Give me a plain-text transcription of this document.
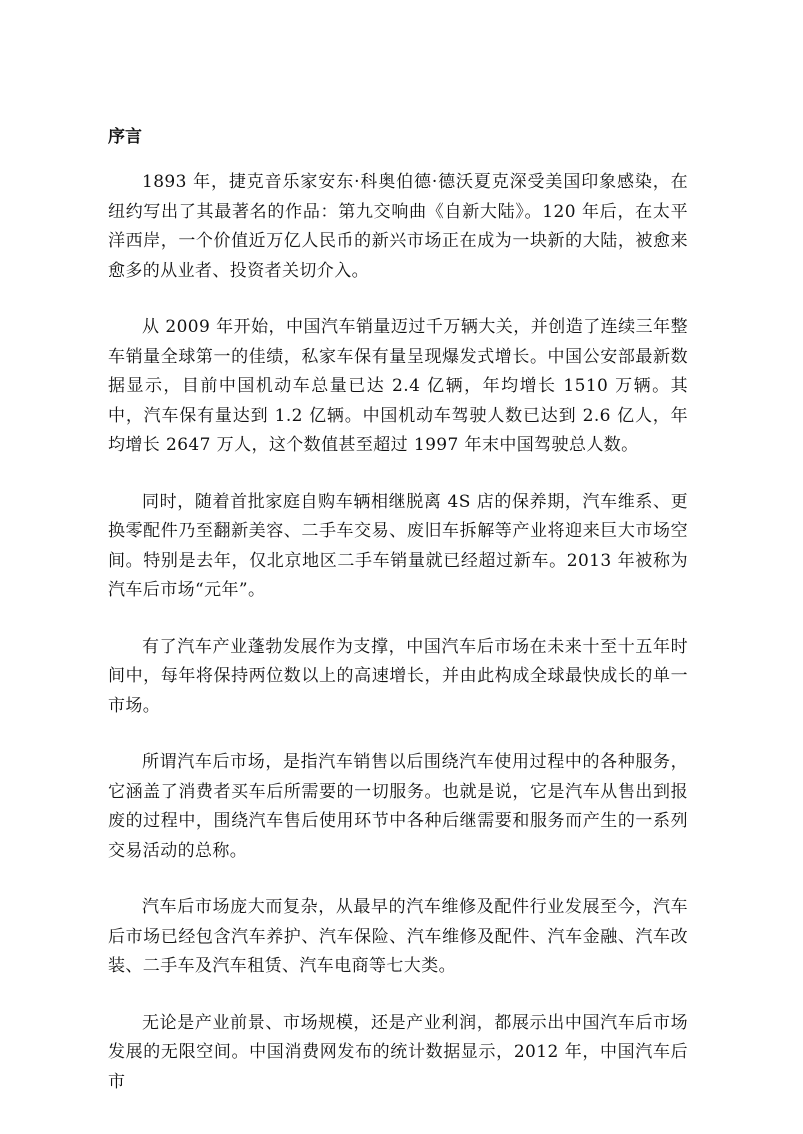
序言

1893 年，捷克音乐家安东·科奥伯德·德沃夏克深受美国印象感染，在纽约写出了其最著名的作品：第九交响曲《自新大陆》。120 年后，在太平洋西岸，一个价值近万亿人民币的新兴市场正在成为一块新的大陆，被愈来愈多的从业者、投资者关切介入。

从 2009 年开始，中国汽车销量迈过千万辆大关，并创造了连续三年整车销量全球第一的佳绩，私家车保有量呈现爆发式增长。中国公安部最新数据显示，目前中国机动车总量已达 2.4 亿辆，年均增长 1510 万辆。其中，汽车保有量达到 1.2 亿辆。中国机动车驾驶人数已达到 2.6 亿人，年均增长 2647 万人，这个数值甚至超过 1997 年末中国驾驶总人数。

同时，随着首批家庭自购车辆相继脱离 4S 店的保养期，汽车维系、更换零配件乃至翻新美容、二手车交易、废旧车拆解等产业将迎来巨大市场空间。特别是去年，仅北京地区二手车销量就已经超过新车。2013 年被称为汽车后市场“元年”。

有了汽车产业蓬勃发展作为支撑，中国汽车后市场在未来十至十五年时间中，每年将保持两位数以上的高速增长，并由此构成全球最快成长的单一市场。

所谓汽车后市场，是指汽车销售以后围绕汽车使用过程中的各种服务，它涵盖了消费者买车后所需要的一切服务。也就是说，它是汽车从售出到报废的过程中，围绕汽车售后使用环节中各种后继需要和服务而产生的一系列交易活动的总称。

汽车后市场庞大而复杂，从最早的汽车维修及配件行业发展至今，汽车后市场已经包含汽车养护、汽车保险、汽车维修及配件、汽车金融、汽车改装、二手车及汽车租赁、汽车电商等七大类。

无论是产业前景、市场规模，还是产业利润，都展示出中国汽车后市场发展的无限空间。中国消费网发布的统计数据显示，2012 年，中国汽车后市
